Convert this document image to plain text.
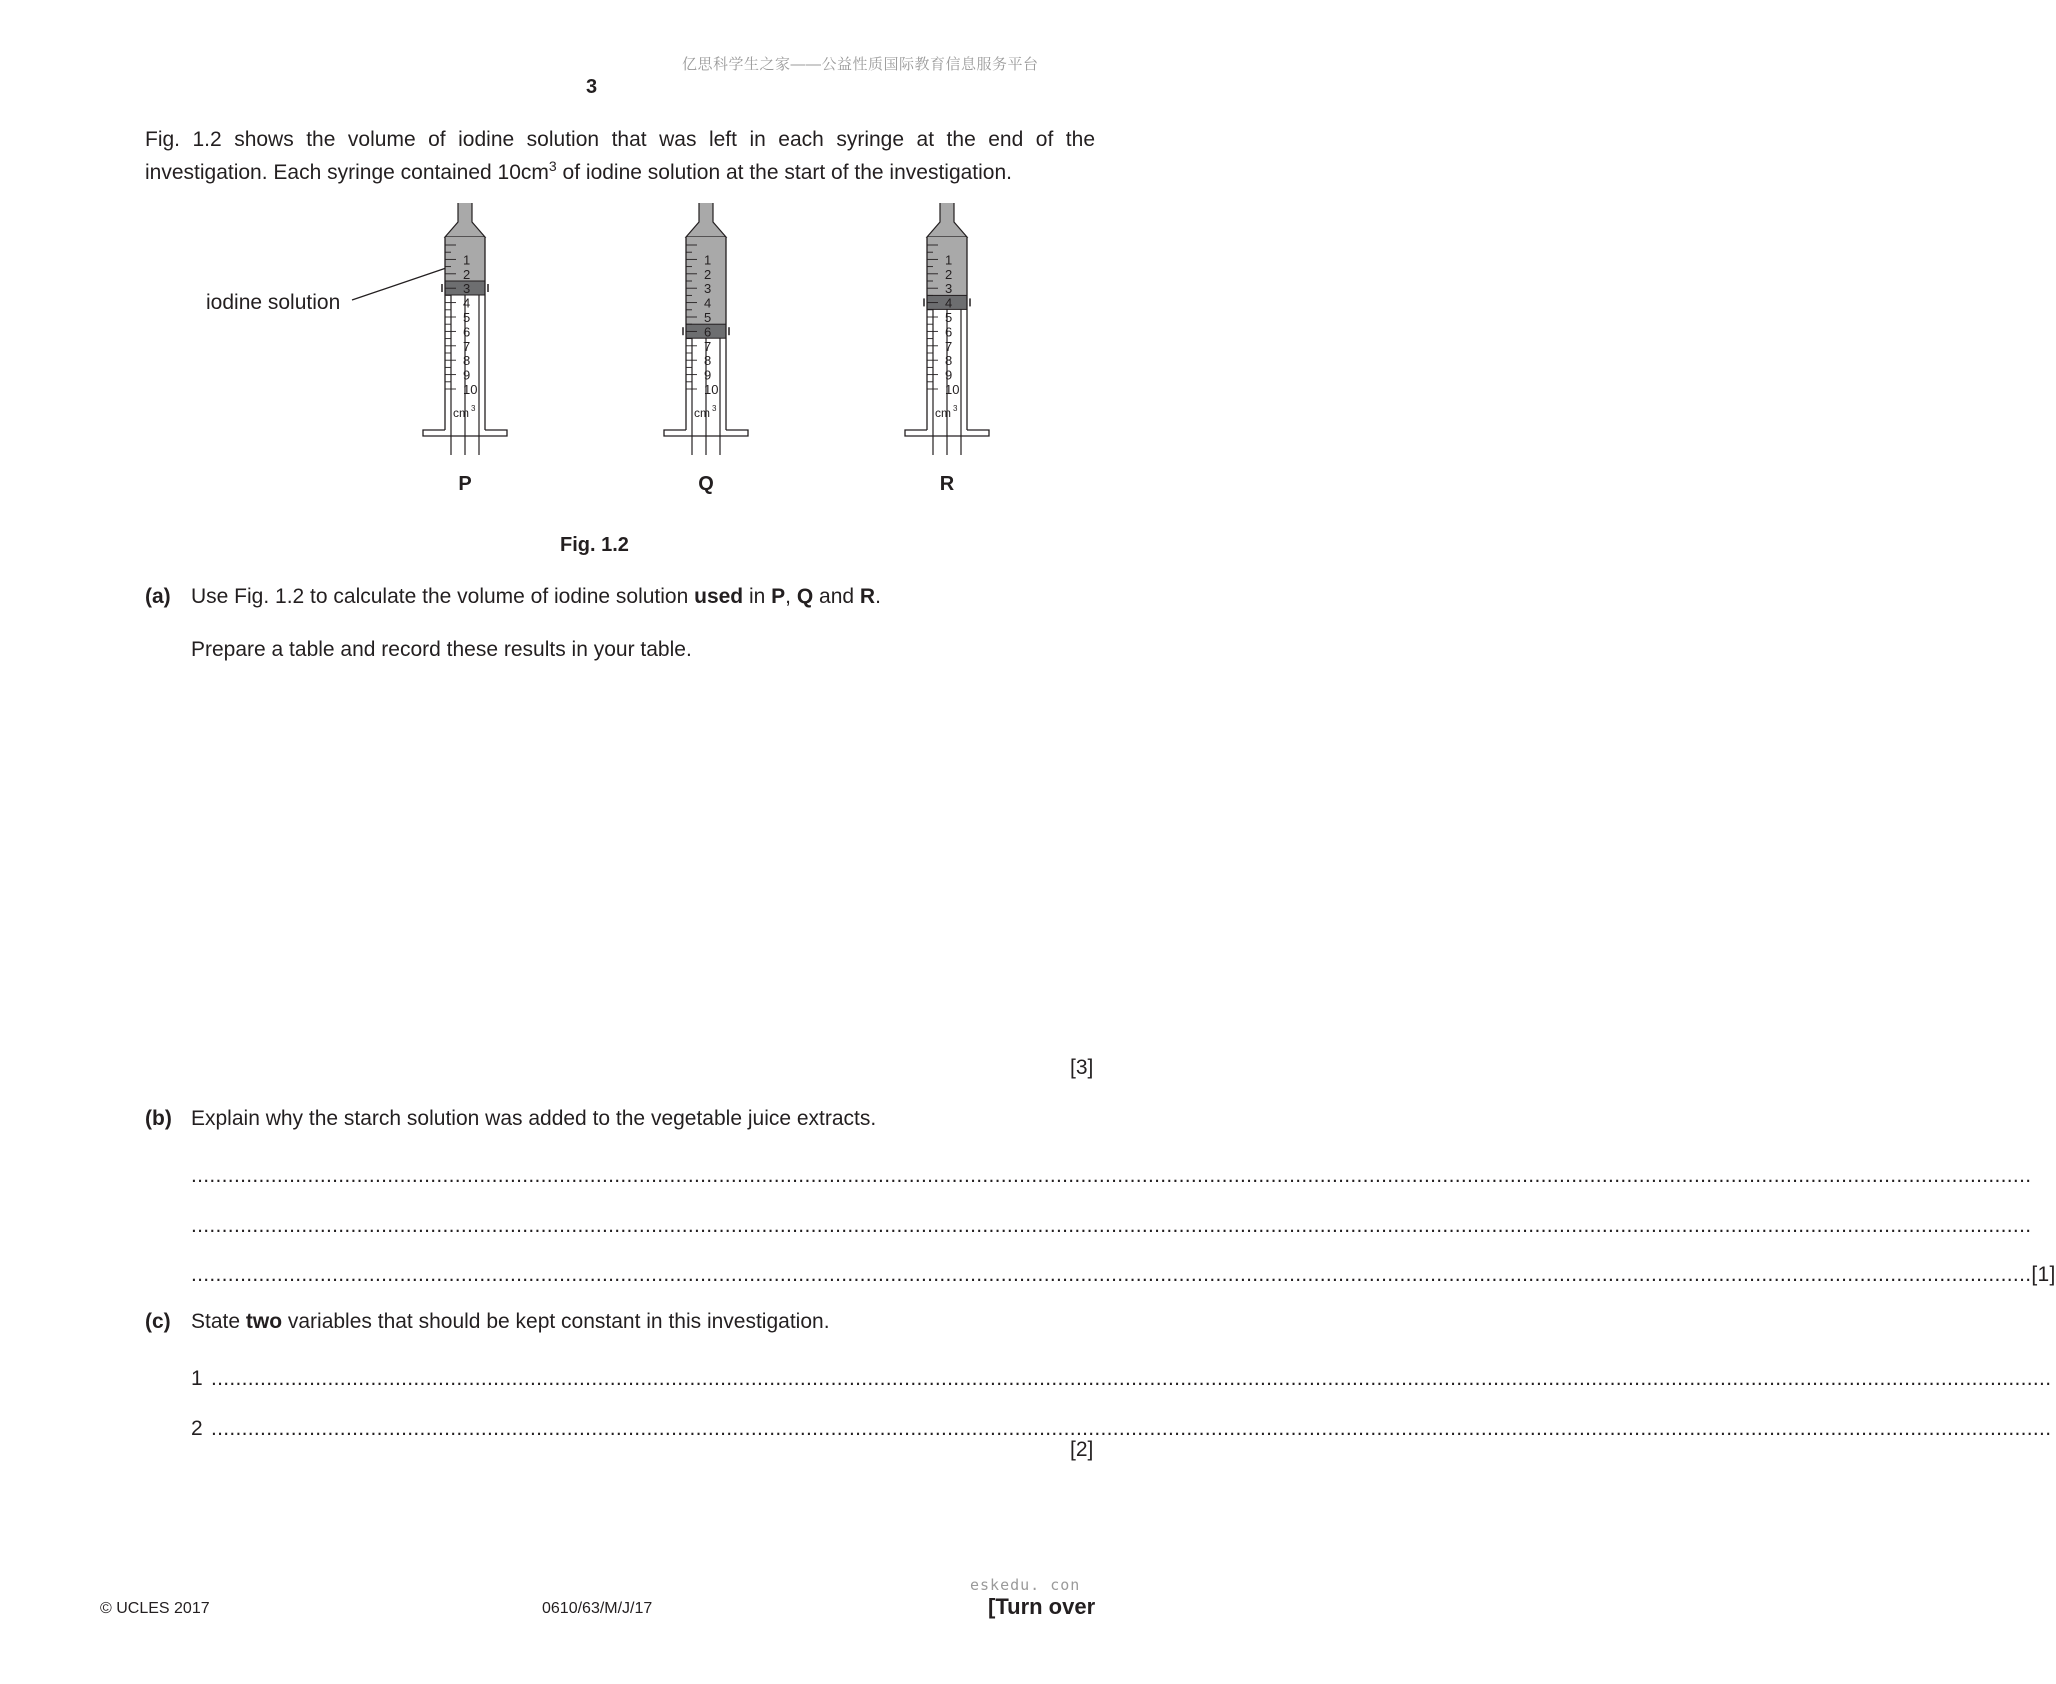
亿思科学生之家——公益性质国际教育信息服务平台
3
Fig. 1.2 shows the volume of iodine solution that was left in each syringe at the end of the investigation. Each syringe contained $10cm^3$ of iodine solution at the start of the investigation.
iodine solution
1
2
3
4
5
6
7
8
9
10
cm 3
P
1
2
3
4
5
6
7
8
9
10
cm 3
Q
1
2
3
4
5
6
7
8
9
10
cm 3
R
Fig. 1.2
(a) Use Fig. 1.2 to calculate the volume of iodine solution used in P, Q and R.
Prepare a table and record these results in your table.
[3]
(b) Explain why the starch solution was added to the vegetable juice extracts.
............................................................................................................................................................................................................................................................................................................
............................................................................................................................................................................................................................................................................................................
............................................................................................................................................................................................................................................................................................................ [1]
(c) State two variables that should be kept constant in this investigation.
1 ............................................................................................................................................................................................................................................................................................................
2 ............................................................................................................................................................................................................................................................................................................
[2]
eskedu. con
© UCLES 2017	0610/63/M/J/17	[Turn over
